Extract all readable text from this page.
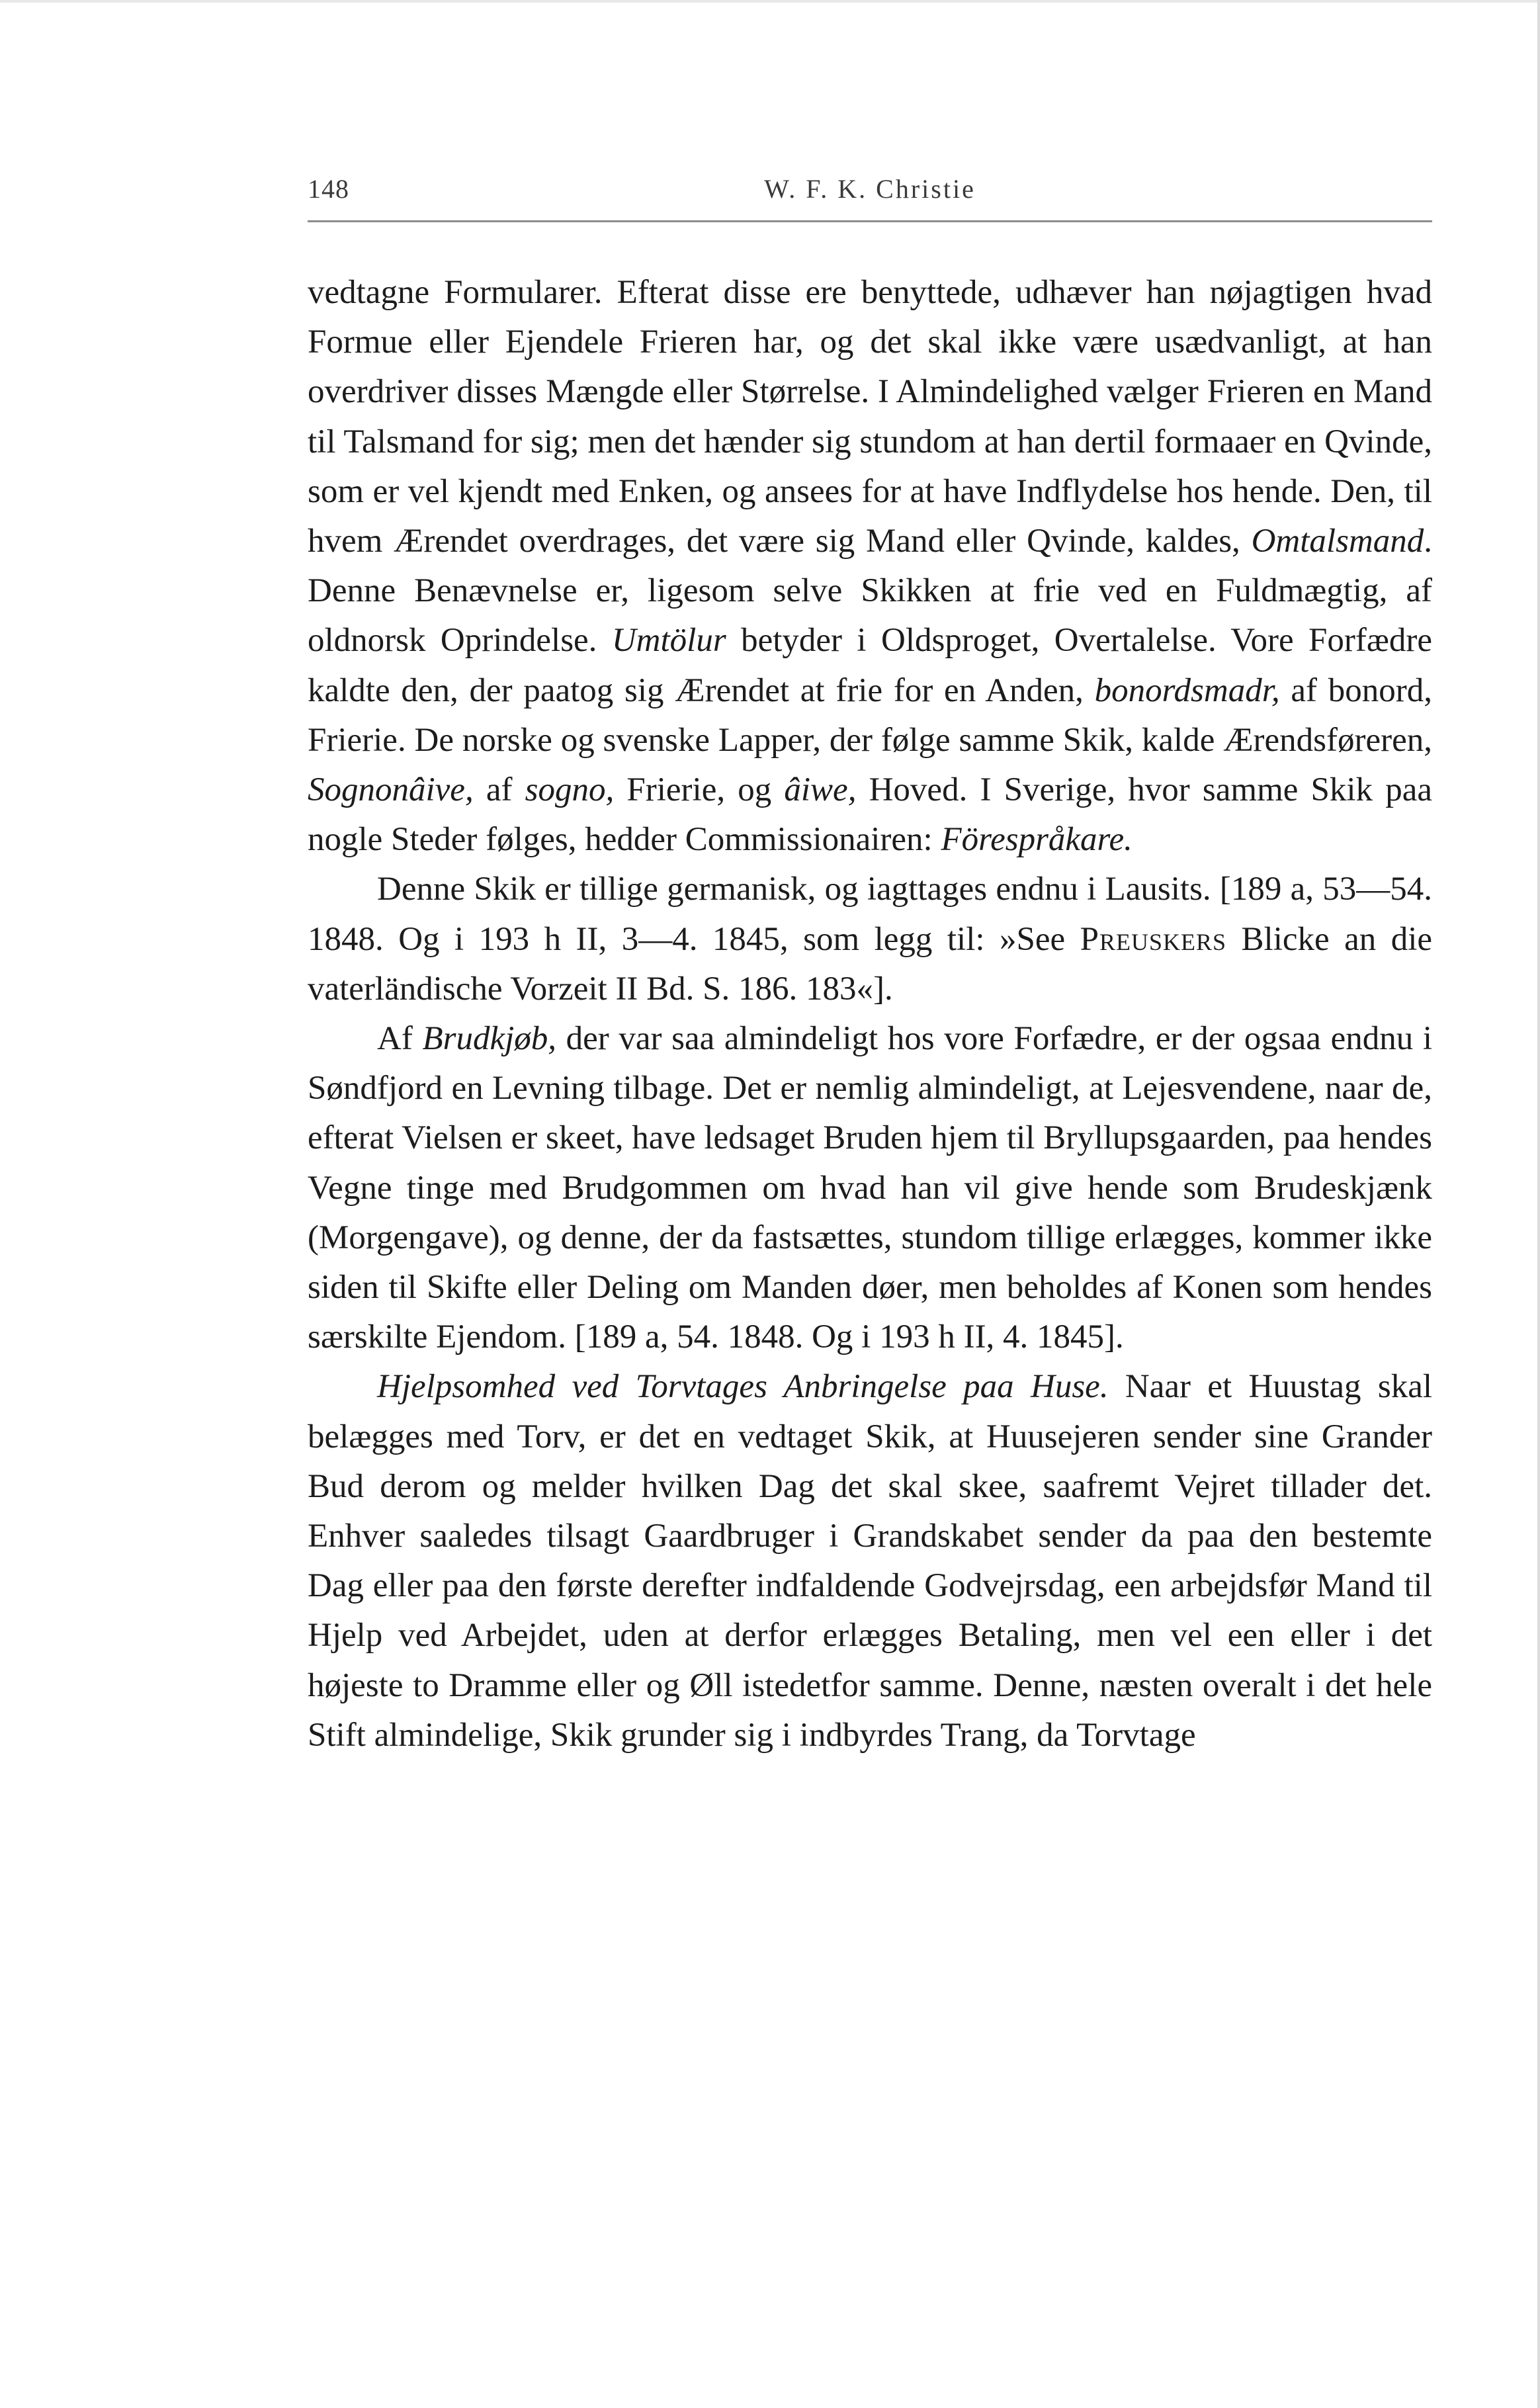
148	W. F. K. Christie

vedtagne Formularer. Efterat disse ere benyttede, udhæver han nøjagtigen hvad Formue eller Ejendele Frieren har, og det skal ikke være usædvanligt, at han overdriver disses Mængde eller Størrelse. I Almindelighed vælger Frieren en Mand til Talsmand for sig; men det hænder sig stundom at han dertil formaaer en Qvinde, som er vel kjendt med Enken, og ansees for at have Indflydelse hos hende. Den, til hvem Ærendet overdrages, det være sig Mand eller Qvinde, kaldes, Omtalsmand. Denne Benævnelse er, ligesom selve Skikken at frie ved en Fuldmægtig, af oldnorsk Oprindelse. Umtölur betyder i Oldsproget, Overtalelse. Vore Forfædre kaldte den, der paatog sig Ærendet at frie for en Anden, bonordsmadr, af bonord, Frierie. De norske og svenske Lapper, der følge samme Skik, kalde Ærendsføreren, Sognonâive, af sogno, Frierie, og âiwe, Hoved. I Sverige, hvor samme Skik paa nogle Steder følges, hedder Commissionairen: Förespråkare.

Denne Skik er tillige germanisk, og iagttages endnu i Lausits. [189 a, 53—54. 1848. Og i 193 h II, 3—4. 1845, som legg til: »See Preuskers Blicke an die vaterländische Vorzeit II Bd. S. 186. 183«].

Af Brudkjøb, der var saa almindeligt hos vore Forfædre, er der ogsaa endnu i Søndfjord en Levning tilbage. Det er nemlig almindeligt, at Lejesvendene, naar de, efterat Vielsen er skeet, have ledsaget Bruden hjem til Bryllupsgaarden, paa hendes Vegne tinge med Brudgommen om hvad han vil give hende som Brudeskjænk (Morgengave), og denne, der da fastsættes, stundom tillige erlægges, kommer ikke siden til Skifte eller Deling om Manden døer, men beholdes af Konen som hendes særskilte Ejendom. [189 a, 54. 1848. Og i 193 h II, 4. 1845].

Hjelpsomhed ved Torvtages Anbringelse paa Huse. Naar et Huustag skal belægges med Torv, er det en vedtaget Skik, at Huusejeren sender sine Grander Bud derom og melder hvilken Dag det skal skee, saafremt Vejret tillader det. Enhver saaledes tilsagt Gaardbruger i Grandskabet sender da paa den bestemte Dag eller paa den første derefter indfaldende Godvejrsdag, een arbejdsfør Mand til Hjelp ved Arbejdet, uden at derfor erlægges Betaling, men vel een eller i det højeste to Dramme eller og Øll istedetfor samme. Denne, næsten overalt i det hele Stift almindelige, Skik grunder sig i indbyrdes Trang, da Torvtage
